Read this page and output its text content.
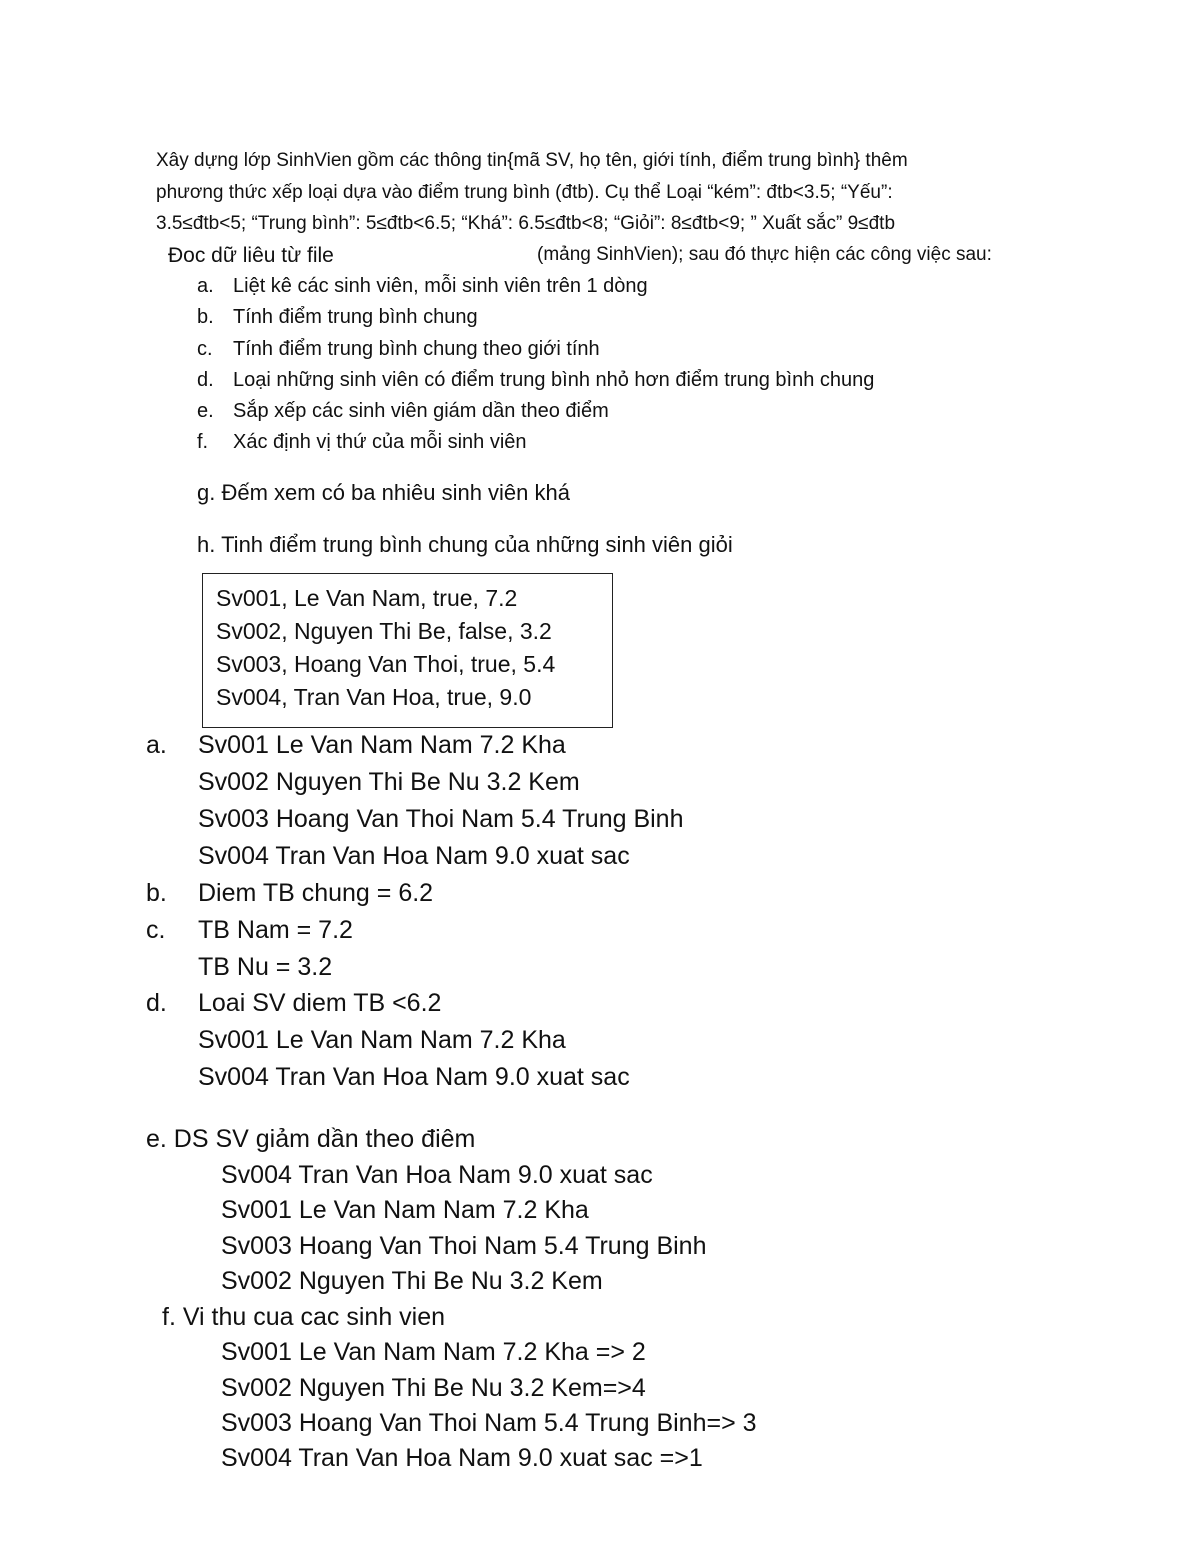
Xây dựng lớp SinhVien gồm các thông tin{mã SV, họ tên, giới tính, điểm trung bình} thêm
phương thức xếp loại dựa vào điểm trung bình (đtb). Cụ thể Loại “kém”: đtb<3.5; “Yếu”:
3.5≤đtb<5; “Trung bình”: 5≤đtb<6.5; “Khá”: 6.5≤đtb<8; “Giỏi”: 8≤đtb<9; ” Xuất sắc” 9≤đtb
Đoc dữ liêu từ file	(mảng SinhVien); sau đó thực hiện các công việc sau:
a. Liệt kê các sinh viên, mỗi sinh viên trên 1 dòng
b. Tính điểm trung bình chung
c. Tính điểm trung bình chung theo giới tính
d. Loại những sinh viên có điểm trung bình nhỏ hơn điểm trung bình chung
e. Sắp xếp các sinh viên giám dần theo điểm
f. Xác định vị thứ của mỗi sinh viên
g. Đếm xem có ba nhiêu sinh viên khá
h. Tinh điểm trung bình chung của những sinh viên giỏi
Sv001, Le Van Nam, true, 7.2
Sv002, Nguyen Thi Be, false, 3.2
Sv003, Hoang Van Thoi, true, 5.4
Sv004, Tran Van Hoa, true, 9.0
a. Sv001 Le Van Nam Nam 7.2 Kha
Sv002 Nguyen Thi Be Nu 3.2 Kem
Sv003 Hoang Van Thoi Nam 5.4 Trung Binh
Sv004 Tran Van Hoa Nam 9.0 xuat sac
b. Diem TB chung = 6.2
c. TB Nam = 7.2
TB Nu = 3.2
d. Loai SV diem TB <6.2
Sv001 Le Van Nam Nam 7.2 Kha
Sv004 Tran Van Hoa Nam 9.0 xuat sac
e. DS SV giảm dần theo điêm
Sv004 Tran Van Hoa Nam 9.0 xuat sac
Sv001 Le Van Nam Nam 7.2 Kha
Sv003 Hoang Van Thoi Nam 5.4 Trung Binh
Sv002 Nguyen Thi Be Nu 3.2 Kem
f. Vi thu cua cac sinh vien
Sv001 Le Van Nam Nam 7.2 Kha => 2
Sv002 Nguyen Thi Be Nu 3.2 Kem=>4
Sv003 Hoang Van Thoi Nam 5.4 Trung Binh=> 3
Sv004 Tran Van Hoa Nam 9.0 xuat sac =>1
